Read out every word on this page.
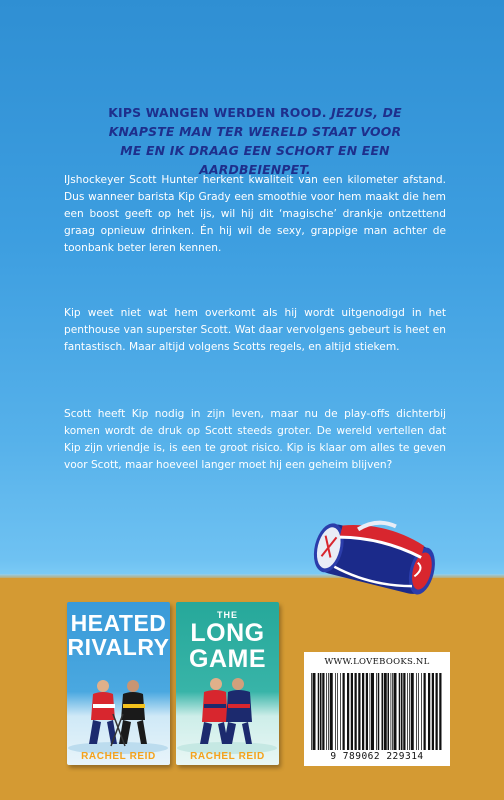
KIPS WANGEN WERDEN ROOD. JEZUS, DE KNAPSTE MAN TER WERELD STAAT VOOR ME EN IK DRAAG EEN SCHORT EN EEN AARDBEIENPET.
IJshockeyer Scott Hunter herkent kwaliteit van een kilometer afstand. Dus wanneer barista Kip Grady een smoothie voor hem maakt die hem een boost geeft op het ijs, wil hij dit ‘magische’ drankje ontzettend graag opnieuw drinken. Én hij wil de sexy, grappige man achter de toonbank beter leren kennen.
Kip weet niet wat hem overkomt als hij wordt uitgenodigd in het penthouse van superster Scott. Wat daar vervolgens gebeurt is heet en fantastisch. Maar altijd volgens Scotts regels, en altijd stiekem.
Scott heeft Kip nodig in zijn leven, maar nu de play-offs dichterbij komen wordt de druk op Scott steeds groter. De wereld vertellen dat Kip zijn vriendje is, is een te groot risico. Kip is klaar om alles te geven voor Scott, maar hoeveel langer moet hij een geheim blijven?
HEATED
RIVALRY
RACHEL REID
THE
LONG
GAME
RACHEL REID
WWW.LOVEBOOKS.NL
9 789062 229314
